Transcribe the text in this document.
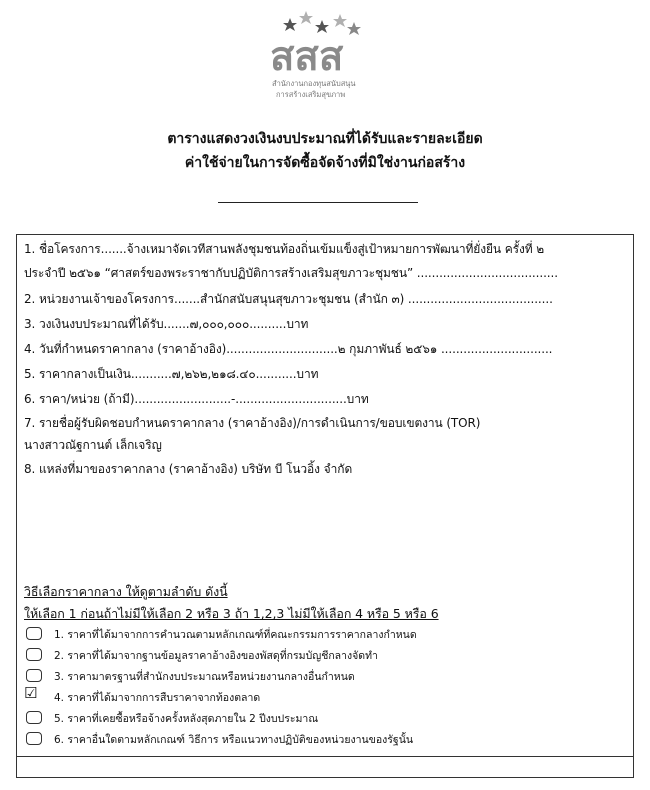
สสส
สำนักงานกองทุนสนับสนุน
การสร้างเสริมสุขภาพ
ตารางแสดงวงเงินงบประมาณที่ได้รับและรายละเอียด
ค่าใช้จ่ายในการจัดซื้อจัดจ้างที่มิใช่งานก่อสร้าง
1. ชื่อโครงการ.......จ้างเหมาจัดเวทีสานพลังชุมชนท้องถิ่นเข้มแข็งสู่เป้าหมายการพัฒนาที่ยั่งยืน ครั้งที่ ๒
ประจำปี ๒๕๖๑ “ศาสตร์ของพระราชากับปฏิบัติการสร้างเสริมสุขภาวะชุมชน” ......................................
2. หน่วยงานเจ้าของโครงการ.......สำนักสนับสนุนสุขภาวะชุมชน (สำนัก ๓) .......................................
3. วงเงินงบประมาณที่ได้รับ.......๗,๐๐๐,๐๐๐..........บาท
4. วันที่กำหนดราคากลาง (ราคาอ้างอิง)..............................๒ กุมภาพันธ์ ๒๕๖๑ ..............................
5. ราคากลางเป็นเงิน...........๗,๒๖๒,๒๑๘.๔๐...........บาท
6. ราคา/หน่วย (ถ้ามี)..........................-..............................บาท
7. รายชื่อผู้รับผิดชอบกำหนดราคากลาง (ราคาอ้างอิง)/การดำเนินการ/ขอบเขตงาน (TOR)
นางสาวณัฐกานต์ เล็กเจริญ
8. แหล่งที่มาของราคากลาง (ราคาอ้างอิง) บริษัท บี โนวอิ้ง จำกัด
วิธีเลือกราคากลาง ให้ดูตามลำดับ ดังนี้
ให้เลือก 1 ก่อนถ้าไม่มีให้เลือก 2 หรือ 3 ถ้า 1,2,3 ไม่มีให้เลือก 4 หรือ 5 หรือ 6
1. ราคาที่ได้มาจากการคำนวณตามหลักเกณฑ์ที่คณะกรรมการราคากลางกำหนด
2. ราคาที่ได้มาจากฐานข้อมูลราคาอ้างอิงของพัสดุที่กรมบัญชีกลางจัดทำ
3. ราคามาตรฐานที่สำนักงบประมาณหรือหน่วยงานกลางอื่นกำหนด
☑ 4. ราคาที่ได้มาจากการสืบราคาจากท้องตลาด
5. ราคาที่เคยซื้อหรือจ้างครั้งหลังสุดภายใน 2 ปีงบประมาณ
6. ราคาอื่นใดตามหลักเกณฑ์ วิธีการ หรือแนวทางปฏิบัติของหน่วยงานของรัฐนั้น
